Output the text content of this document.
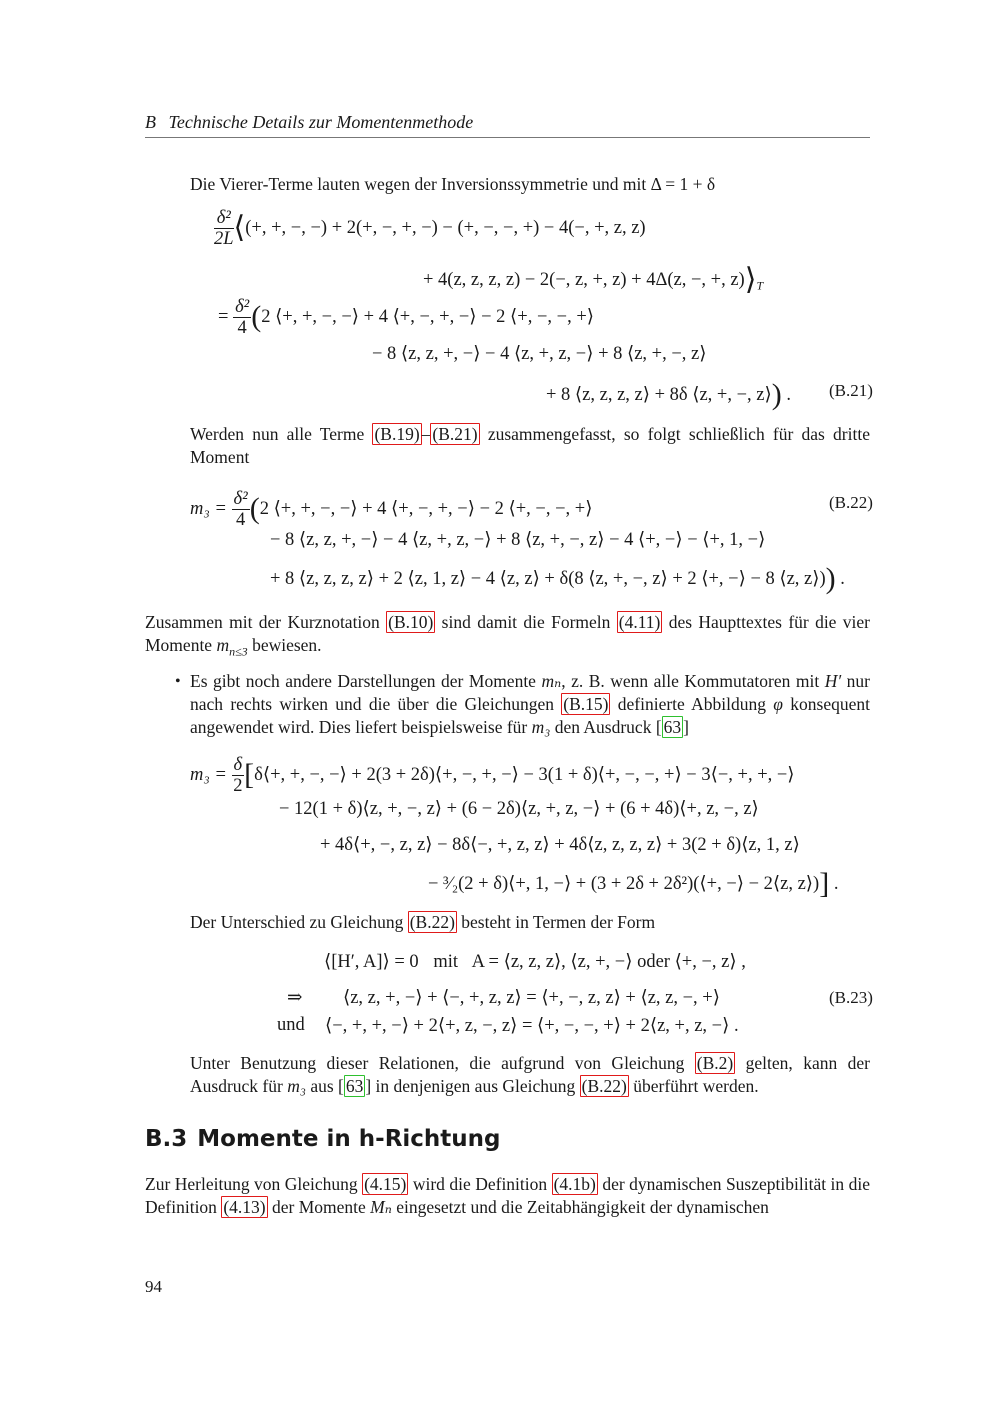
B Technische Details zur Momentenmethode
Die Vierer-Terme lauten wegen der Inversionssymmetrie und mit Δ = 1 + δ
$\frac{\text{δ²}}{2L}$ ⟨(+, +, −, −) + 2(+, −, +, −) − (+, −, −, +) − 4(−, +, z, z)
+ 4(z, z, z, z) − 2(−, z, +, z) + 4Δ(z, −, +, $z)⟩_T$
= $\frac{\text{δ²}}{4} (2$ ⟨+, +, −, −⟩ + 4 ⟨+, −, +, −⟩ − 2 ⟨+, −, −, +⟩
− 8 ⟨z, z, +, −⟩ − 4 ⟨z, +, z, −⟩ + 8 ⟨z, +, −, z⟩
+ 8 ⟨z, z, z, z⟩ + 8δ ⟨z, +, −, z⟩) . (B.21)
Werden nun alle Terme (B.19) – (B.21) zusammengefasst, so folgt schließlich für das dritte Moment
$m_3 = \frac{\text{δ²}}{4} (2$ ⟨+, +, −, −⟩ + 4 ⟨+, −, +, −⟩ − 2 ⟨+, −, −, +⟩	(B.22)
− 8 ⟨z, z, +, −⟩ − 4 ⟨z, +, z, −⟩ + 8 ⟨z, +, −, z⟩ − 4 ⟨+, −⟩ − ⟨+, 1, −⟩
+ 8 ⟨z, z, z, z⟩ + 2 ⟨z, 1, z⟩ − 4 ⟨z, z⟩ + δ(8 ⟨z, +, −, z⟩ + 2 ⟨+, −⟩ − 8 ⟨z, z⟩)) .
Zusammen mit der Kurznotation (B.10) sind damit die Formeln (4.11) des Haupttextes für die vier Momente $m_{n\le 3}$ bewiesen.
• Es gibt noch andere Darstellungen der Momente mₙ, z. B. wenn alle Kommutatoren mit H′ nur nach rechts wirken und die über die Gleichungen (B.15) definierte Abbildung φ konsequent angewendet wird. Dies liefert beispielsweise für m₃ den Ausdruck [ 63 ]
$m_3 = \frac{\delta}{2}$ [δ⟨+, +, −, −⟩ + 2(3 + 2δ)⟨+, −, +, −⟩ − 3(1 + δ)⟨+, −, −, +⟩ − 3⟨−, +, +, −⟩
− 12(1 + δ)⟨z, +, −, z⟩ + (6 − 2δ)⟨z, +, z, −⟩ + (6 + 4δ)⟨+, z, −, z⟩
+ 4δ⟨+, −, z, z⟩ − 8δ⟨−, +, z, z⟩ + 4δ⟨z, z, z, z⟩ + 3(2 + δ)⟨z, 1, z⟩
− ³⁄₂(2 + δ)⟨+, 1, −⟩ + (3 + 2δ + 2δ²)(⟨+, −⟩ − 2⟨z, z⟩)] .
Der Unterschied zu Gleichung (B.22) besteht in Termen der Form
⟨[H′, A]⟩ = 0 mit A = ⟨z, z, z⟩, ⟨z, +, −⟩ oder ⟨+, −, z⟩ ,
⇒ ⟨z, z, +, −⟩ + ⟨−, +, z, z⟩ = ⟨+, −, z, z⟩ + ⟨z, z, −, +⟩	(B.23)
und ⟨−, +, +, −⟩ + 2⟨+, z, −, z⟩ = ⟨+, −, −, +⟩ + 2⟨z, +, z, −⟩ .
Unter Benutzung dieser Relationen, die aufgrund von Gleichung (B.2) gelten, kann der Ausdruck für m₃ aus [ 63 ] in denjenigen aus Gleichung (B.22) überführt werden.
B.3 Momente in h-Richtung
Zur Herleitung von Gleichung (4.15) wird die Definition (4.1b) der dynamischen Suszeptibilität in die Definition (4.13) der Momente Mₙ eingesetzt und die Zeitabhängigkeit der dynamischen
94
